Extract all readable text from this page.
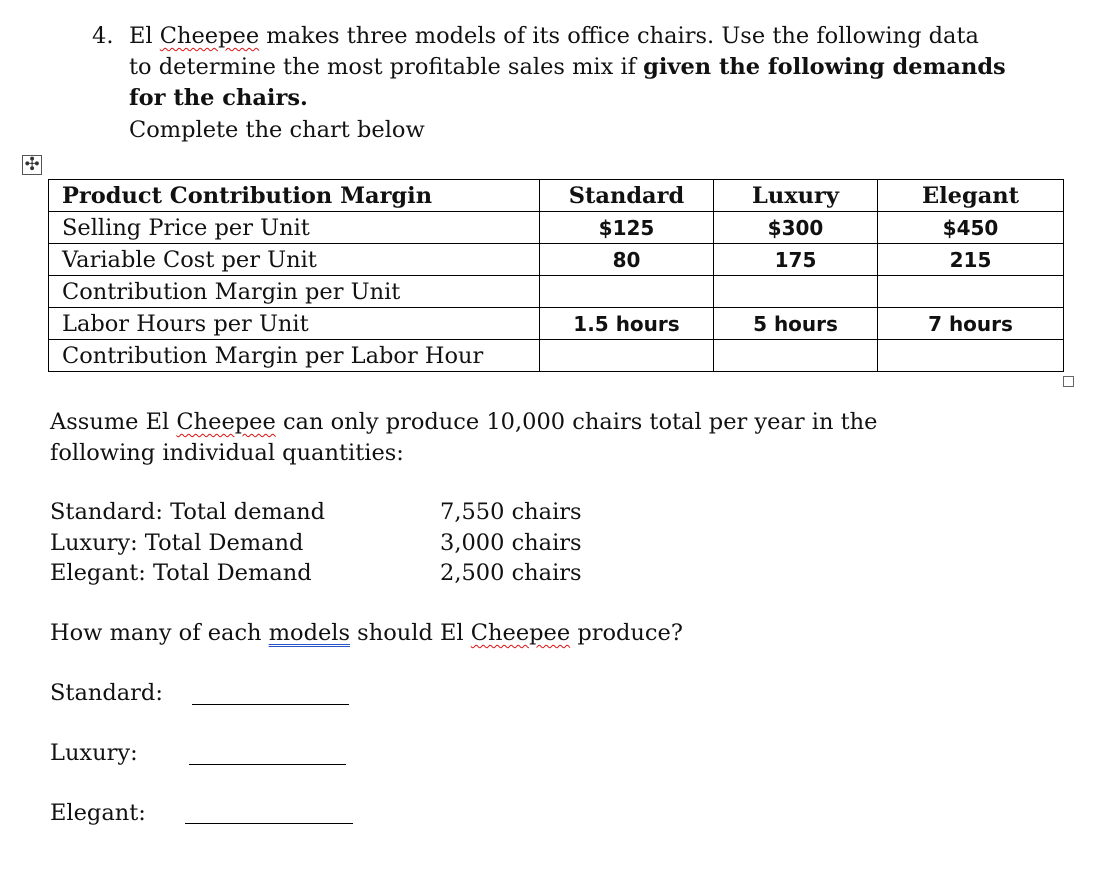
4. El Cheepee makes three models of its office chairs. Use the following data
to determine the most profitable sales mix if given the following demands
for the chairs.
Complete the chart below
✣
Product Contribution Margin	Standard	Luxury	Elegant
Selling Price per Unit	$125	$300	$450
Variable Cost per Unit	80	175	215
Contribution Margin per Unit			
Labor Hours per Unit	1.5 hours	5 hours	7 hours
Contribution Margin per Labor Hour			
Assume El Cheepee can only produce 10,000 chairs total per year in the
following individual quantities:
Standard: Total demand	7,550 chairs
Luxury: Total Demand	3,000 chairs
Elegant: Total Demand	2,500 chairs
How many of each models should El Cheepee produce?
Standard:
Luxury:
Elegant:
